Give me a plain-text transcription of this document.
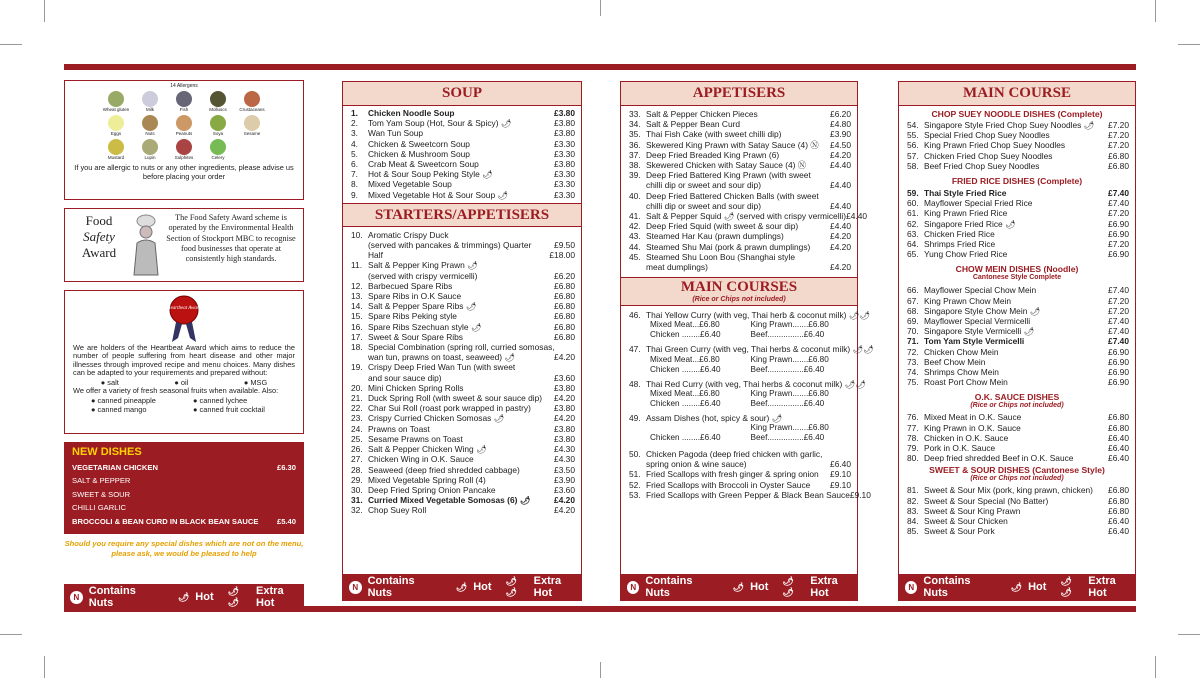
14 Allergens
Wheat gluten	Milk	Fish	Molluscs	Crustaceans
Eggs	Nuts	Peanuts	Soya	Sesame
Mustard	Lupin	Sulphites	Celery
If you are allergic to nuts or any other ingredients, please advise us before placing your order
Food
Safety
Award
The Food Safety Award scheme is operated by the Environmental Health Section of Stockport MBC to recognise food businesses that operate at consistently high standards.
Heartbeat Award
We are holders of the Heartbeat Award which aims to reduce the number of people suffering from heart disease and other major illnesses through improved recipe and menu choices. Many dishes can be adapted to your requirements and prepared without:
● salt	● oil	● MSG
We offer a variety of fresh seasonal fruits when available. Also:
● canned pineapple	● canned lychee
● canned mango	● canned fruit cocktail
NEW DISHES
VEGETARIAN CHICKEN	£6.30
SALT & PEPPER
SWEET & SOUR
CHILLI GARLIC
BROCCOLI & BEAN CURD IN BLACK BEAN SAUCE	£5.40
Should you require any special dishes which are not on the menu, please ask, we would be pleased to help
N Contains Nuts
🌶 Hot 🌶🌶
Extra Hot
SOUP
1.	Chicken Noodle Soup	£3.80
2.	Tom Yam Soup (Hot, Sour & Spicy) 🌶	£3.80
3.	Wan Tun Soup	£3.80
4.	Chicken & Sweetcorn Soup	£3.30
5.	Chicken & Mushroom Soup	£3.30
6.	Crab Meat & Sweetcorn Soup	£3.80
7.	Hot & Sour Soup Peking Style 🌶	£3.30
8.	Mixed Vegetable Soup	£3.30
9.	Mixed Vegetable Hot & Sour Soup 🌶	£3.30
STARTERS/APPETISERS
10. Aromatic Crispy Duck
(served with pancakes & trimmings) Quarter	£9.50
Half	£18.00
11. Salt & Pepper King Prawn 🌶
(served with crispy vermicelli)	£6.20
12. Barbecued Spare Ribs	£6.80
13. Spare Ribs in O.K Sauce	£6.80
14. Salt & Pepper Spare Ribs 🌶	£6.80
15. Spare Ribs Peking style	£6.80
16. Spare Ribs Szechuan style 🌶	£6.80
17. Sweet & Sour Spare Ribs	£6.80
18. Special Combination (spring roll, curried somosas,
wan tun, prawns on toast, seaweed) 🌶	£4.20
19. Crispy Deep Fried Wan Tun (with sweet
and sour sauce dip)	£3.60
20. Mini Chicken Spring Rolls	£3.80
21. Duck Spring Roll (with sweet & sour sauce dip)	£4.20
22. Char Sui Roll (roast pork wrapped in pastry)	£3.80
23. Crispy Curried Chicken Somosas 🌶	£4.20
24. Prawns on Toast	£3.80
25. Sesame Prawns on Toast	£3.80
26. Salt & Pepper Chicken Wing 🌶	£4.30
27. Chicken Wing in O.K. Sauce	£4.30
28. Seaweed (deep fried shredded cabbage)	£3.50
29. Mixed Vegetable Spring Roll (4)	£3.90
30. Deep Fried Spring Onion Pancake	£3.60
31. Curried Mixed Vegetable Somosas (6) 🌶	£4.20
32. Chop Suey Roll	£4.20
N Contains Nuts
🌶 Hot 🌶🌶
Extra Hot
APPETISERS
33. Salt & Pepper Chicken Pieces	£6.20
34. Salt & Pepper Bean Curd	£4.80
35. Thai Fish Cake (with sweet chilli dip)	£3.90
36. Skewered King Prawn with Satay Sauce (4) Ⓝ	£4.50
37. Deep Fried Breaded King Prawn (6)	£4.20
38. Skewered Chicken with Satay Sauce (4) Ⓝ	£4.40
39. Deep Fried Battered King Prawn (with sweet
chilli dip or sweet and sour dip)	£4.40
40. Deep Fried Battered Chicken Balls (with sweet
chilli dip or sweet and sour dip)	£4.40
41. Salt & Pepper Squid 🌶 (served with crispy vermicelli) £4.40
42. Deep Fried Squid (with sweet & sour dip)	£4.40
43. Steamed Har Kau (prawn dumplings)	£4.20
44. Steamed Shu Mai (pork & prawn dumplings)	£4.20
45. Steamed Shu Loon Bou (Shanghai style
meat dumplings)	£4.20
MAIN COURSES
(Rice or Chips not included)
46. Thai Yellow Curry (with veg, Thai herb & coconut milk) 🌶🌶
Mixed Meat...£6.80	King Prawn.......£6.80
Chicken ........£6.40	Beef................£6.40
47. Thai Green Curry (with veg, Thai herbs & coconut milk) 🌶🌶
Mixed Meat...£6.80	King Prawn.......£6.80
Chicken ........£6.40	Beef................£6.40
48. Thai Red Curry (with veg, Thai herbs & coconut milk) 🌶🌶
Mixed Meat...£6.80	King Prawn.......£6.80
Chicken ........£6.40	Beef................£6.40
49. Assam Dishes (hot, spicy & sour) 🌶
King Prawn.......£6.80
Chicken ........£6.40	Beef................£6.40
50. Chicken Pagoda (deep fried chicken with garlic,
spring onion & wine sauce)	£6.40
51. Fried Scallops with fresh ginger & spring onion	£9.10
52. Fried Scallops with Broccoli in Oyster Sauce	£9.10
53. Fried Scallops with Green Pepper & Black Bean Sauce £9.10
N Contains Nuts
🌶 Hot 🌶🌶
Extra Hot
MAIN COURSE
CHOP SUEY NOODLE DISHES (Complete)
54. Singapore Style Fried Chop Suey Noodles 🌶	£7.20
55. Special Fried Chop Suey Noodles	£7.20
56. King Prawn Fried Chop Suey Noodles	£7.20
57. Chicken Fried Chop Suey Noodles	£6.80
58. Beef Fried Chop Suey Noodles	£6.80
FRIED RICE DISHES (Complete)
59. Thai Style Fried Rice	£7.40
60. Mayflower Special Fried Rice	£7.40
61. King Prawn Fried Rice	£7.20
62. Singapore Fried Rice 🌶	£6.90
63. Chicken Fried Rice	£6.90
64. Shrimps Fried Rice	£7.20
65. Yung Chow Fried Rice	£6.90
CHOW MEIN DISHES (Noodle)
Cantonese Style Complete
66. Mayflower Special Chow Mein	£7.40
67. King Prawn Chow Mein	£7.20
68. Singapore Style Chow Mein 🌶	£7.20
69. Mayflower Special Vermicelli	£7.40
70. Singapore Style Vermicelli 🌶	£7.40
71. Tom Yam Style Vermicelli	£7.40
72. Chicken Chow Mein	£6.90
73. Beef Chow Mein	£6.90
74. Shrimps Chow Mein	£6.90
75. Roast Port Chow Mein	£6.90
O.K. SAUCE DISHES
(Rice or Chips not included)
76. Mixed Meat in O.K. Sauce	£6.80
77. King Prawn in O.K. Sauce	£6.80
78. Chicken in O.K. Sauce	£6.40
79. Pork in O.K. Sauce	£6.40
80. Deep fried shredded Beef in O.K. Sauce	£6.40
SWEET & SOUR DISHES (Cantonese Style)
(Rice or Chips not included)
81. Sweet & Sour Mix (pork, king prawn, chicken)	£6.80
82. Sweet & Sour Special (No Batter)	£6.80
83. Sweet & Sour King Prawn	£6.80
84. Sweet & Sour Chicken	£6.40
85. Sweet & Sour Pork	£6.40
N Contains Nuts
🌶 Hot 🌶🌶
Extra Hot
